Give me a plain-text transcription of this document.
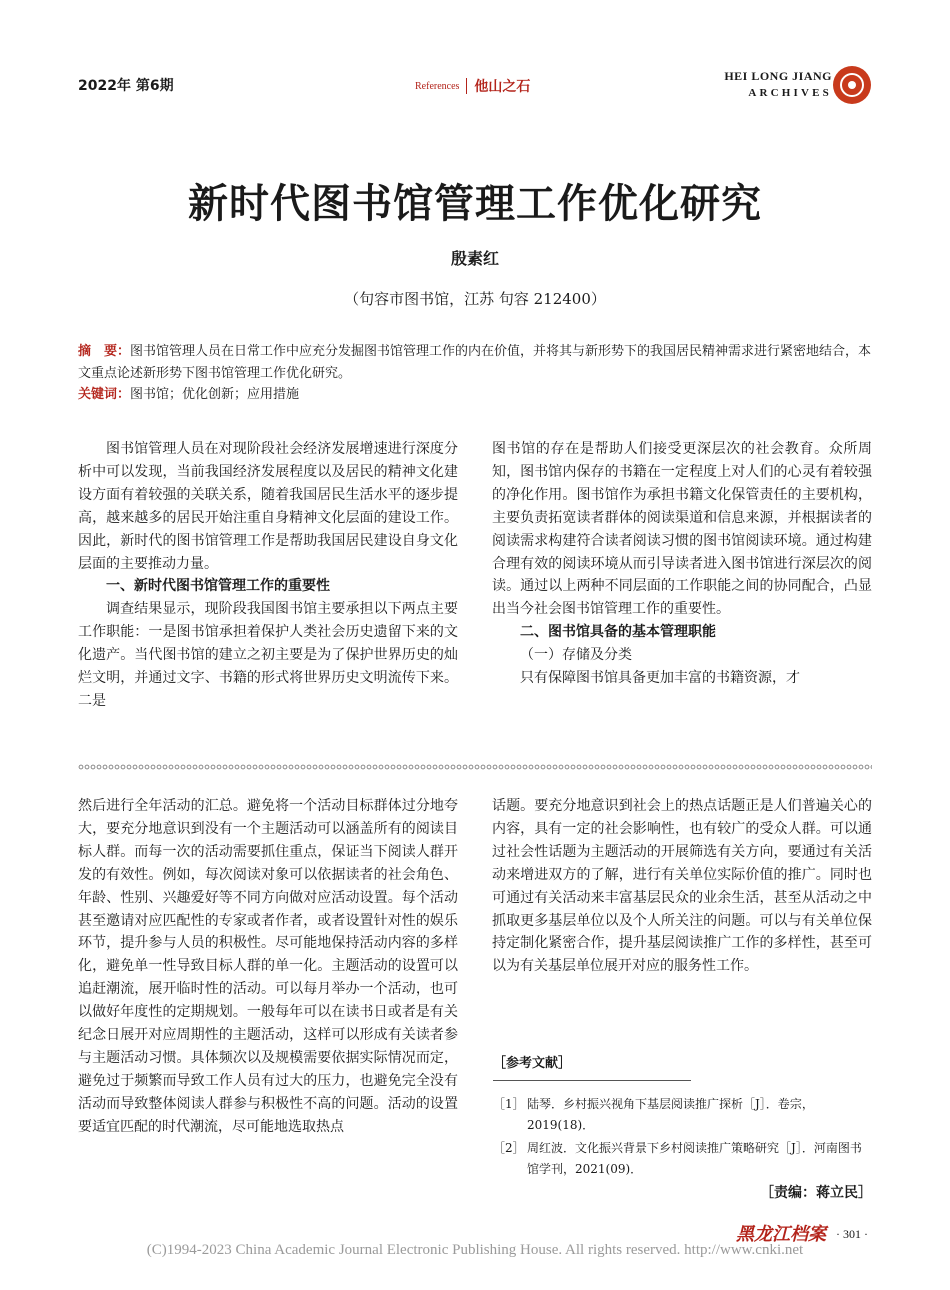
2022年 第6期	References 他山之石
HEI LONG JIANG
ARCHIVES
新时代图书馆管理工作优化研究
殷素红
（句容市图书馆，江苏 句容 212400）
摘　要：图书馆管理人员在日常工作中应充分发掘图书馆管理工作的内在价值，并将其与新形势下的我国居民精神需求进行紧密地结合，本文重点论述新形势下图书馆管理工作优化研究。
关键词：图书馆；优化创新；应用措施

图书馆管理人员在对现阶段社会经济发展增速进行深度分析中可以发现，当前我国经济发展程度以及居民的精神文化建设方面有着较强的关联关系，随着我国居民生活水平的逐步提高，越来越多的居民开始注重自身精神文化层面的建设工作。因此，新时代的图书馆管理工作是帮助我国居民建设自身文化层面的主要推动力量。

一、新时代图书馆管理工作的重要性

调查结果显示，现阶段我国图书馆主要承担以下两点主要工作职能：一是图书馆承担着保护人类社会历史遗留下来的文化遗产。当代图书馆的建立之初主要是为了保护世界历史的灿烂文明，并通过文字、书籍的形式将世界历史文明流传下来。二是

图书馆的存在是帮助人们接受更深层次的社会教育。众所周知，图书馆内保存的书籍在一定程度上对人们的心灵有着较强的净化作用。图书馆作为承担书籍文化保管责任的主要机构，主要负责拓宽读者群体的阅读渠道和信息来源，并根据读者的阅读需求构建符合读者阅读习惯的图书馆阅读环境。通过构建合理有效的阅读环境从而引导读者进入图书馆进行深层次的阅读。通过以上两种不同层面的工作职能之间的协同配合，凸显出当今社会图书馆管理工作的重要性。

二、图书馆具备的基本管理职能
（一）存储及分类

只有保障图书馆具备更加丰富的书籍资源，才

然后进行全年活动的汇总。避免将一个活动目标群体过分地夸大，要充分地意识到没有一个主题活动可以涵盖所有的阅读目标人群。而每一次的活动需要抓住重点，保证当下阅读人群开发的有效性。例如，每次阅读对象可以依据读者的社会角色、年龄、性别、兴趣爱好等不同方向做对应活动设置。每个活动甚至邀请对应匹配性的专家或者作者，或者设置针对性的娱乐环节，提升参与人员的积极性。尽可能地保持活动内容的多样化，避免单一性导致目标人群的单一化。主题活动的设置可以追赶潮流，展开临时性的活动。可以每月举办一个活动，也可以做好年度性的定期规划。一般每年可以在读书日或者是有关纪念日展开对应周期性的主题活动，这样可以形成有关读者参与主题活动习惯。具体频次以及规模需要依据实际情况而定，避免过于频繁而导致工作人员有过大的压力，也避免完全没有活动而导致整体阅读人群参与积极性不高的问题。活动的设置要适宜匹配的时代潮流，尽可能地选取热点

话题。要充分地意识到社会上的热点话题正是人们普遍关心的内容，具有一定的社会影响性，也有较广的受众人群。可以通过社会性话题为主题活动的开展筛选有关方向，要通过有关活动来增进双方的了解，进行有关单位实际价值的推广。同时也可通过有关活动来丰富基层民众的业余生活，甚至从活动之中抓取更多基层单位以及个人所关注的问题。可以与有关单位保持定制化紧密合作，提升基层阅读推广工作的多样性，甚至可以为有关基层单位展开对应的服务性工作。

［参考文献］
［1］ 陆琴．乡村振兴视角下基层阅读推广探析［J］．卷宗，2019(18)．
［2］ 周红波．文化振兴背景下乡村阅读推广策略研究［J］．河南图书馆学刊，2021(09)．
［责编：蒋立民］
黑龙江档案 · 301 ·
(C)1994-2023 China Academic Journal Electronic Publishing House. All rights reserved. http://www.cnki.net
